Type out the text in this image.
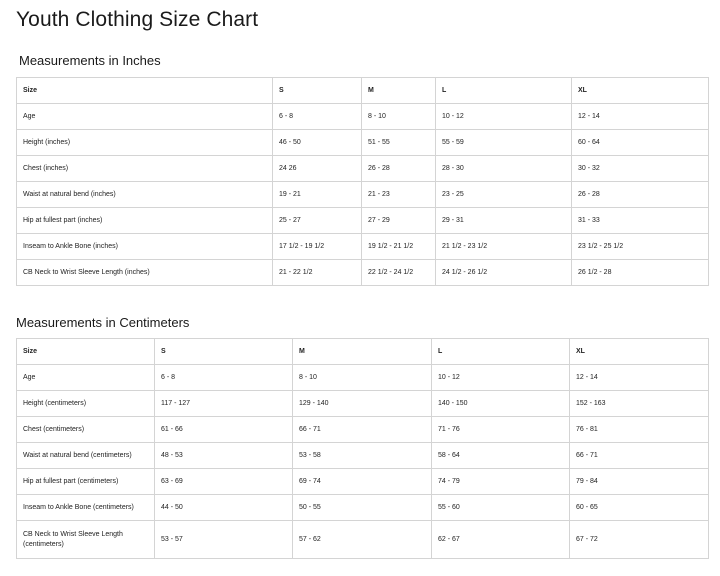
Youth Clothing Size Chart
Measurements in Inches
Size	S	M	L	XL
Age	6 - 8	8 - 10	10 - 12	12 - 14
Height (inches)	46 - 50	51 - 55	55 - 59	60 - 64
Chest (inches)	24 26	26 - 28	28 - 30	30 - 32
Waist at natural bend (inches)	19 - 21	21 - 23	23 - 25	26 - 28
Hip at fullest part (inches)	25 - 27	27 - 29	29 - 31	31 - 33
Inseam to Ankle Bone (inches)	17 1/2 - 19 1/2	19 1/2 - 21 1/2	21 1/2 - 23 1/2	23 1/2 - 25 1/2
CB Neck to Wrist Sleeve Length (inches)	21 - 22 1/2	22 1/2 - 24 1/2	24 1/2 - 26 1/2	26 1/2 - 28
Measurements in Centimeters
Size	S	M	L	XL
Age	6 - 8	8 - 10	10 - 12	12 - 14
Height (centimeters)	117 - 127	129 - 140	140 - 150	152 - 163
Chest (centimeters)	61 - 66	66 - 71	71 - 76	76 - 81
Waist at natural bend (centimeters)	48 - 53	53 - 58	58 - 64	66 - 71
Hip at fullest part (centimeters)	63 - 69	69 - 74	74 - 79	79 - 84
Inseam to Ankle Bone (centimeters)	44 - 50	50 - 55	55 - 60	60 - 65
CB Neck to Wrist Sleeve Length (centimeters)	53 - 57	57 - 62	62 - 67	67 - 72
